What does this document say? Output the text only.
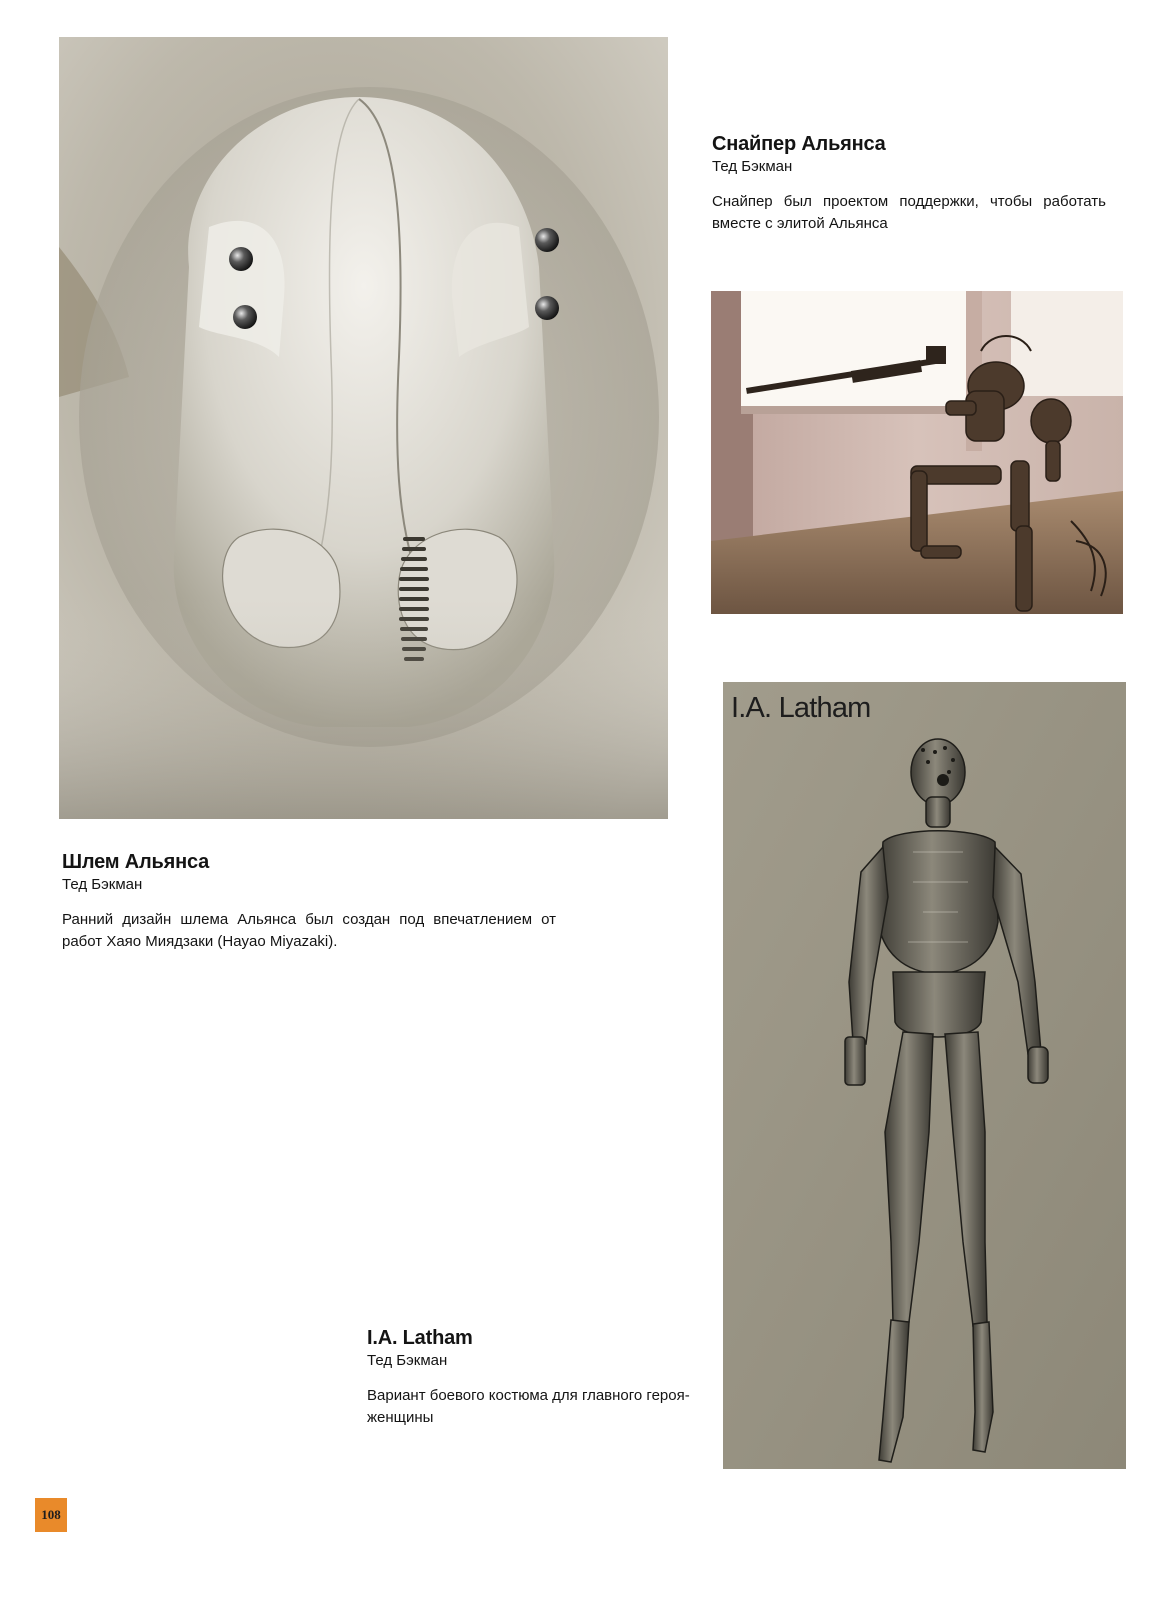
I.A. Latham
Снайпер Альянса

Тед Бэкман

Снайпер был проектом поддержки, чтобы работать вместе с элитой Альянса

Шлем Альянса

Тед Бэкман

Ранний дизайн шлема Альянса был создан под впечатлением от работ Хаяо Миядзаки (Hayao Miyazaki).

I.A. Latham

Тед Бэкман

Вариант боевого костюма для главного героя-женщины

108
